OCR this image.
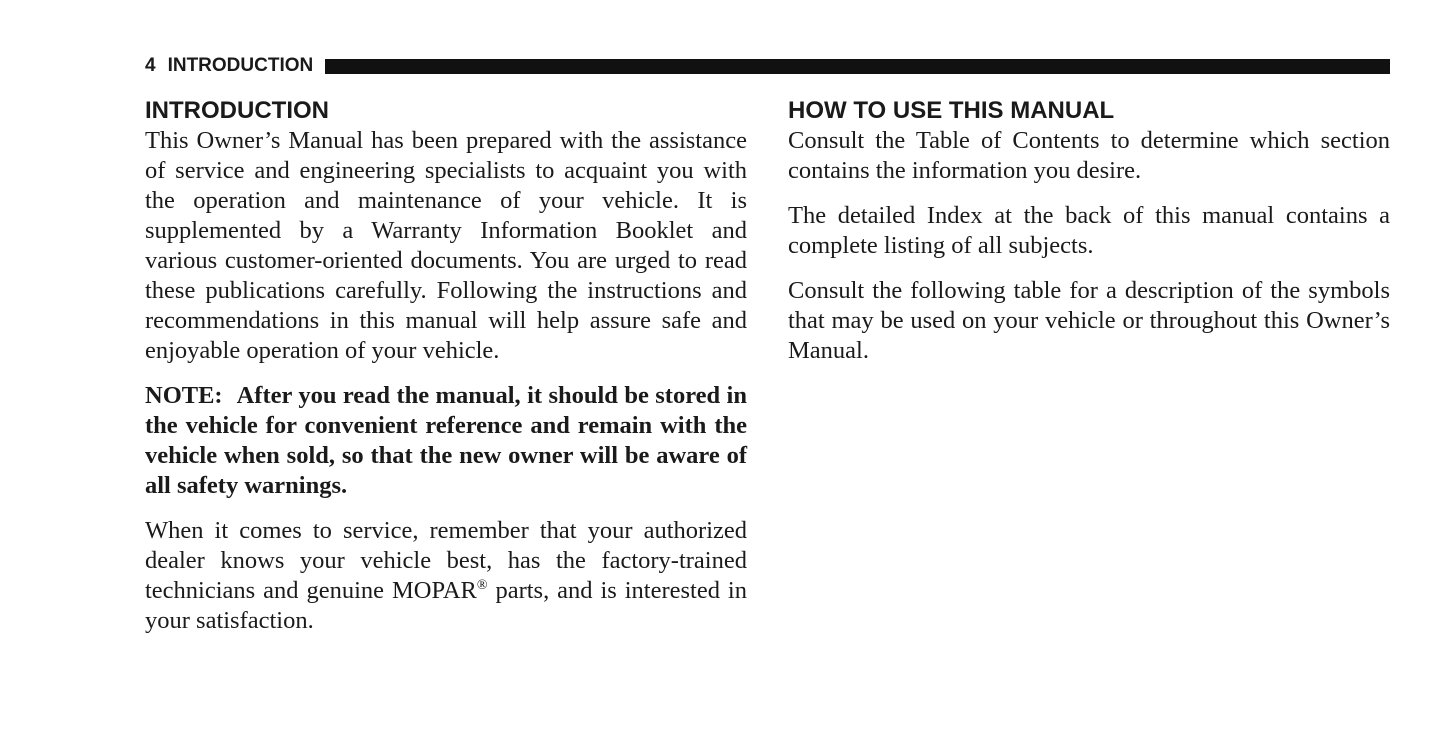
4 INTRODUCTION
INTRODUCTION

This Owner’s Manual has been prepared with the assistance of service and engineering specialists to acquaint you with the operation and maintenance of your vehicle. It is supplemented by a Warranty Information Booklet and various customer-oriented documents. You are urged to read these publications carefully. Following the instructions and recommendations in this manual will help assure safe and enjoyable operation of your vehicle.

NOTE: After you read the manual, it should be stored in the vehicle for convenient reference and remain with the vehicle when sold, so that the new owner will be aware of all safety warnings.

When it comes to service, remember that your authorized dealer knows your vehicle best, has the factory-trained technicians and genuine MOPAR® parts, and is interested in your satisfaction.

HOW TO USE THIS MANUAL

Consult the Table of Contents to determine which section contains the information you desire.

The detailed Index at the back of this manual contains a complete listing of all subjects.

Consult the following table for a description of the symbols that may be used on your vehicle or throughout this Owner’s Manual.
